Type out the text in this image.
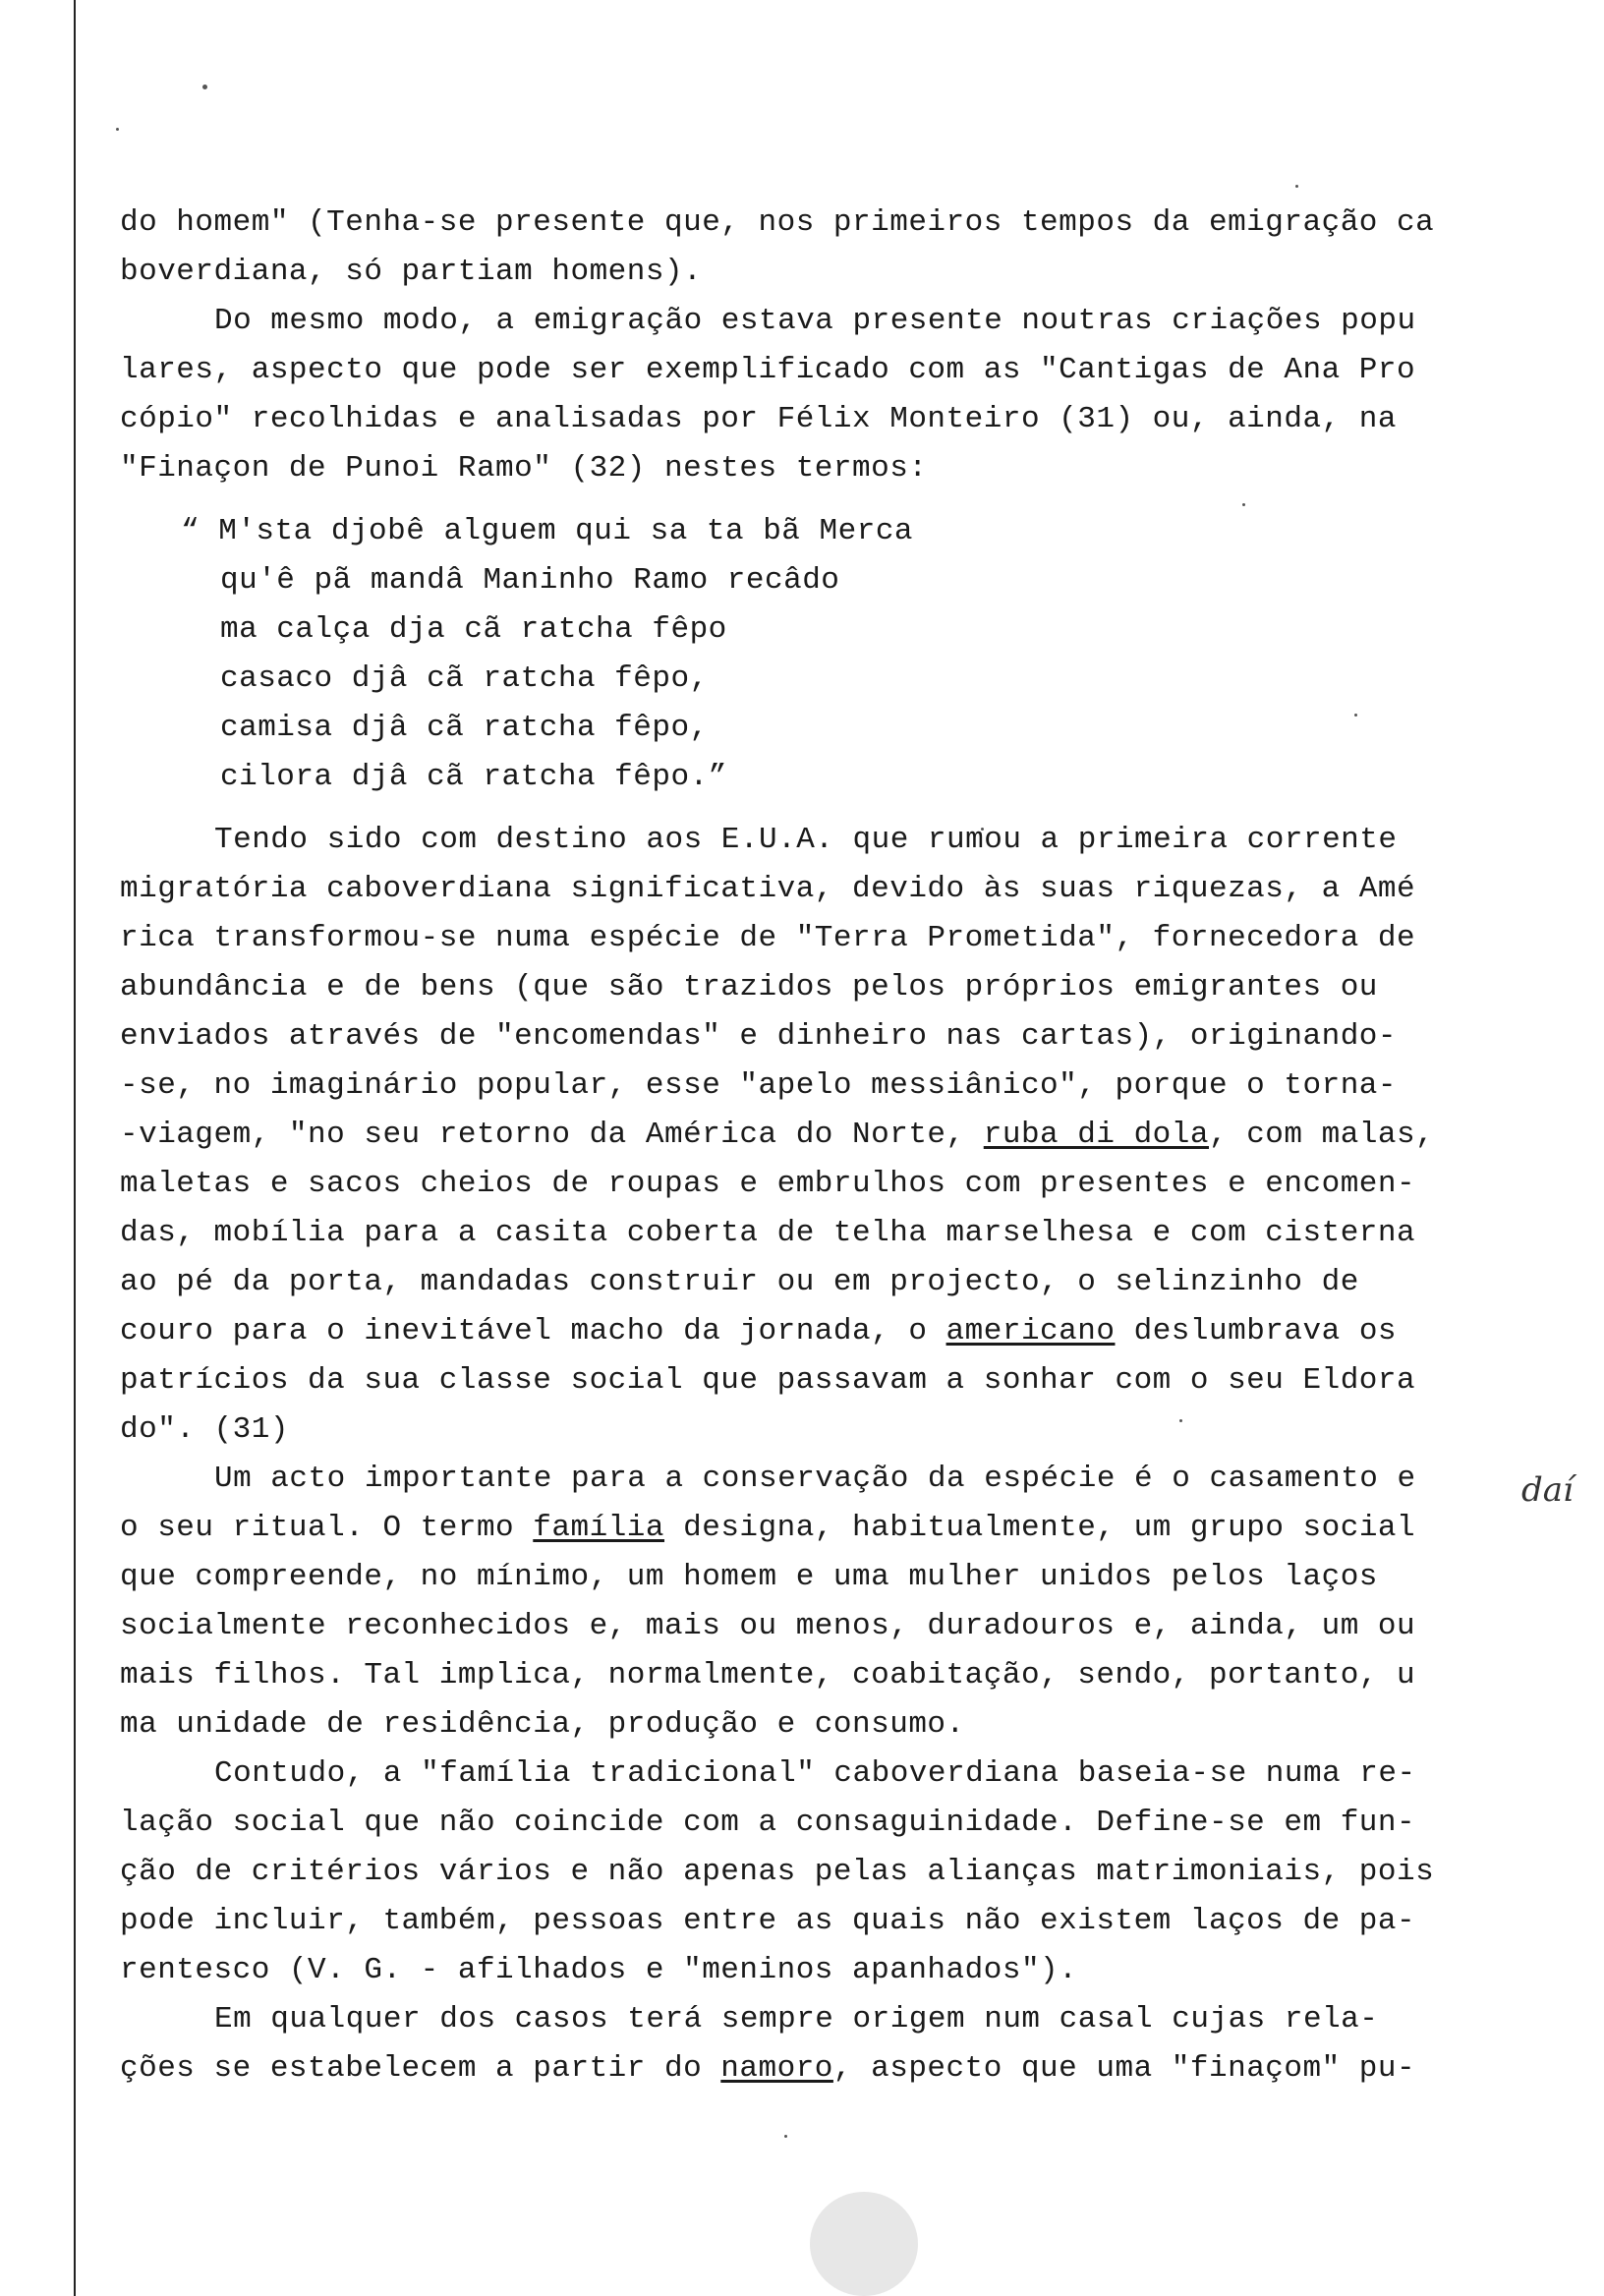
do homem" (Tenha-se presente que, nos primeiros tempos da emigração ca
boverdiana, só partiam homens).
Do mesmo modo, a emigração estava presente noutras criações popu
lares, aspecto que pode ser exemplificado com as "Cantigas de Ana Pro
cópio" recolhidas e analisadas por Félix Monteiro (31) ou, ainda, na
"Finaçon de Punoi Ramo" (32) nestes termos:
“ M'sta djobê alguem qui sa ta bã Merca
qu'ê pã mandâ Maninho Ramo recâdo
ma calça dja cã ratcha fêpo
casaco djâ cã ratcha fêpo,
camisa djâ cã ratcha fêpo,
cilora djâ cã ratcha fêpo.”
Tendo sido com destino aos E.U.A. que rumou a primeira corrente
migratória caboverdiana significativa, devido às suas riquezas, a Amé
rica transformou-se numa espécie de "Terra Prometida", fornecedora de
abundância e de bens (que são trazidos pelos próprios emigrantes ou
enviados através de "encomendas" e dinheiro nas cartas), originando-
-se, no imaginário popular, esse "apelo messiânico", porque o torna-
-viagem, "no seu retorno da América do Norte, ruba di dola, com malas,
maletas e sacos cheios de roupas e embrulhos com presentes e encomen-
das, mobília para a casita coberta de telha marselhesa e com cisterna
ao pé da porta, mandadas construir ou em projecto, o selinzinho de
couro para o inevitável macho da jornada, o americano deslumbrava os
patrícios da sua classe social que passavam a sonhar com o seu Eldora
do". (31)
Um acto importante para a conservação da espécie é o casamento e
o seu ritual. O termo família designa, habitualmente, um grupo social
que compreende, no mínimo, um homem e uma mulher unidos pelos laços
socialmente reconhecidos e, mais ou menos, duradouros e, ainda, um ou
mais filhos. Tal implica, normalmente, coabitação, sendo, portanto, u
ma unidade de residência, produção e consumo.
Contudo, a "família tradicional" caboverdiana baseia-se numa re-
lação social que não coincide com a consaguinidade. Define-se em fun-
ção de critérios vários e não apenas pelas alianças matrimoniais, pois
pode incluir, também, pessoas entre as quais não existem laços de pa-
rentesco (V. G. - afilhados e "meninos apanhados").
Em qualquer dos casos terá sempre origem num casal cujas rela-
ções se estabelecem a partir do namoro, aspecto que uma "finaçom" pu-
daí
